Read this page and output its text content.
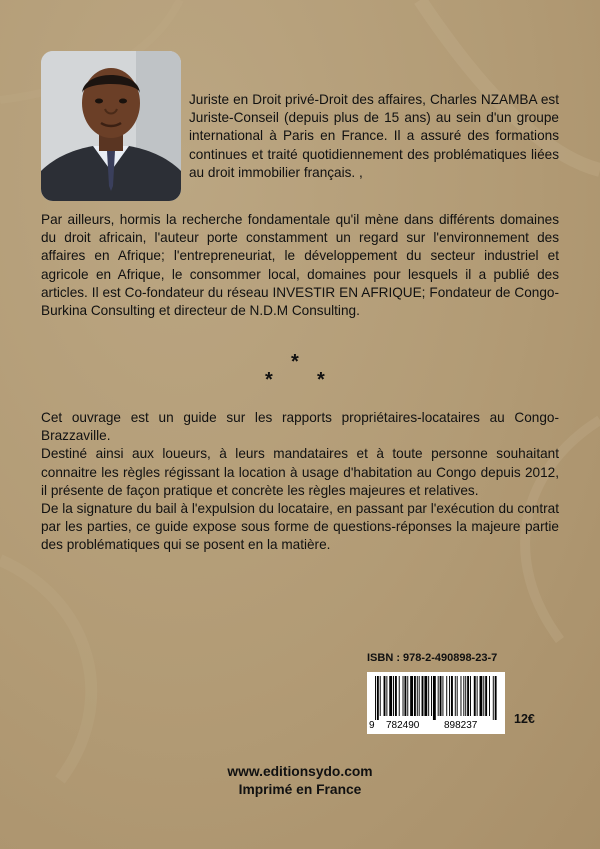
Juriste en Droit privé-Droit des affaires, Charles NZAMBA est Juriste-Conseil (depuis plus de 15 ans) au sein d'un groupe international à Paris en France. Il a assuré des formations continues et traité quotidiennement des problématiques liées au droit immobilier français. ,

Par ailleurs, hormis la recherche fondamentale qu'il mène dans différents domaines du droit africain, l'auteur porte constamment un regard sur l'environnement des affaires en Afrique; l'entrepreneuriat, le développement du secteur industriel et agricole en Afrique, le consommer local, domaines pour lesquels il a publié des articles. Il est Co-fondateur du réseau INVESTIR EN AFRIQUE; Fondateur de Congo-Burkina Consulting et directeur de N.D.M Consulting.

*
* *

Cet ouvrage est un guide sur les rapports propriétaires-locataires au Congo-Brazzaville.

Destiné ainsi aux loueurs, à leurs mandataires et à toute personne souhaitant connaitre les règles régissant la location à usage d'habitation au Congo depuis 2012, il présente de façon pratique et concrète les règles majeures et relatives.

De la signature du bail à l'expulsion du locataire, en passant par l'exécution du contrat par les parties, ce guide expose sous forme de questions-réponses la majeure partie des problématiques qui se posent en la matière.

ISBN : 978-2-490898-23-7
9 782490 898237	12€
www.editionsydo.com
Imprimé en France
